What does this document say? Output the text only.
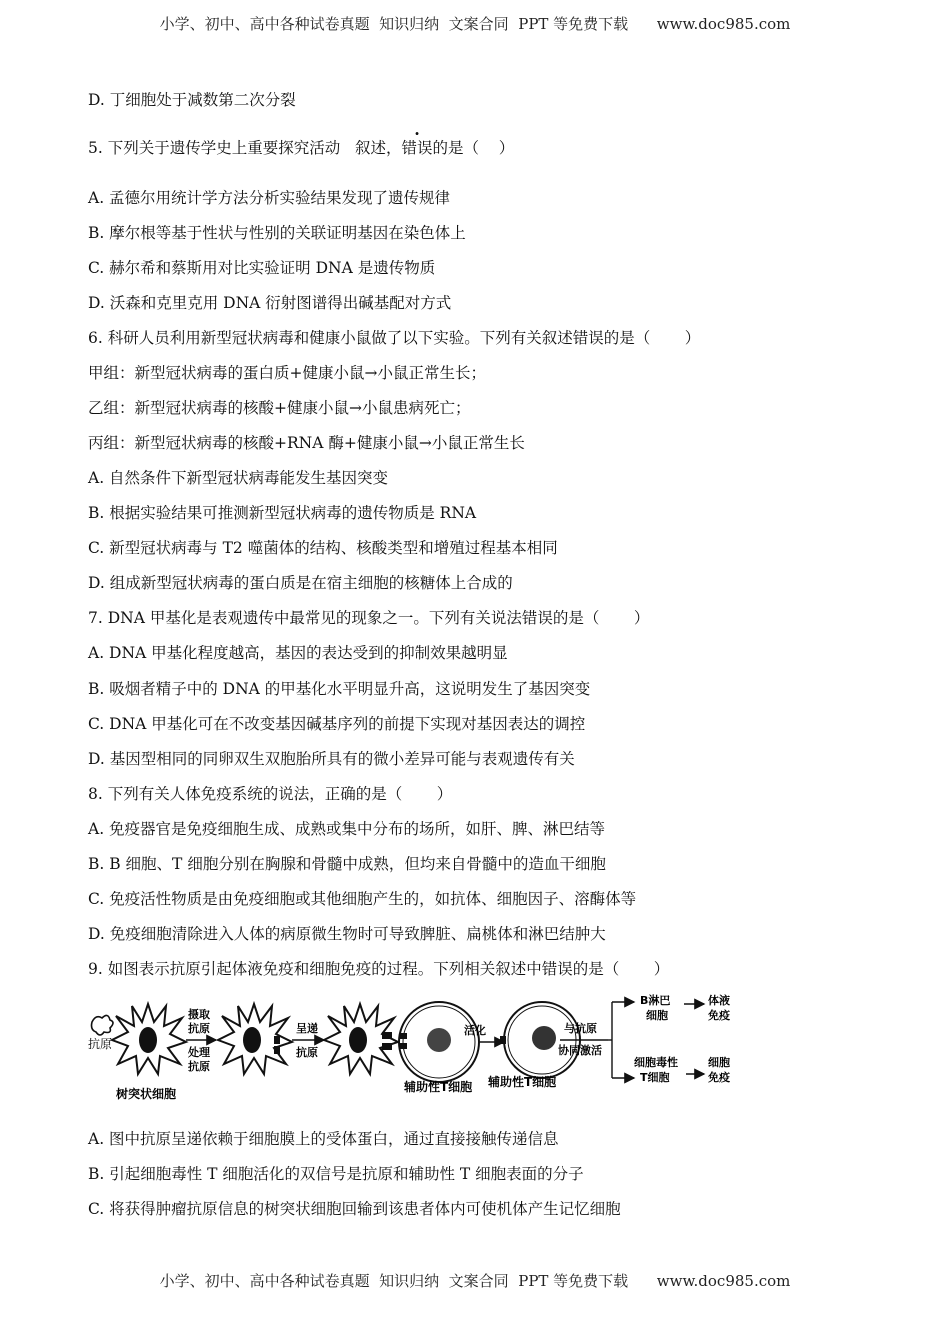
小学、初中、高中各种试卷真题  知识归纳  文案合同  PPT 等免费下载      www.doc985.com
D. 丁细胞处于减数第二次分裂
5. 下列关于遗传学史上重要探究活动   叙述，错误的是（    ）
A. 孟德尔用统计学方法分析实验结果发现了遗传规律
B. 摩尔根等基于性状与性别的关联证明基因在染色体上
C. 赫尔希和蔡斯用对比实验证明 DNA 是遗传物质
D. 沃森和克里克用 DNA 衍射图谱得出碱基配对方式
6. 科研人员利用新型冠状病毒和健康小鼠做了以下实验。下列有关叙述错误的是（       ）
甲组：新型冠状病毒的蛋白质+健康小鼠→小鼠正常生长；
乙组：新型冠状病毒的核酸+健康小鼠→小鼠患病死亡；
丙组：新型冠状病毒的核酸+RNA 酶+健康小鼠→小鼠正常生长
A. 自然条件下新型冠状病毒能发生基因突变
B. 根据实验结果可推测新型冠状病毒的遗传物质是 RNA
C. 新型冠状病毒与 T2 噬菌体的结构、核酸类型和增殖过程基本相同
D. 组成新型冠状病毒的蛋白质是在宿主细胞的核糖体上合成的
7. DNA 甲基化是表观遗传中最常见的现象之一。下列有关说法错误的是（       ）
A. DNA 甲基化程度越高，基因的表达受到的抑制效果越明显
B. 吸烟者精子中的 DNA 的甲基化水平明显升高，这说明发生了基因突变
C. DNA 甲基化可在不改变基因碱基序列的前提下实现对基因表达的调控
D. 基因型相同的同卵双生双胞胎所具有的微小差异可能与表观遗传有关
8. 下列有关人体免疫系统的说法，正确的是（       ）
A. 免疫器官是免疫细胞生成、成熟或集中分布的场所，如肝、脾、淋巴结等
B. B 细胞、T 细胞分别在胸腺和骨髓中成熟，但均来自骨髓中的造血干细胞
C. 免疫活性物质是由免疫细胞或其他细胞产生的，如抗体、细胞因子、溶酶体等
D. 免疫细胞清除进入人体的病原微生物时可导致脾脏、扁桃体和淋巴结肿大
9. 如图表示抗原引起体液免疫和细胞免疫的过程。下列相关叙述中错误的是（       ）
抗原
摄取
抗原
处理
抗原
呈递
抗原
树突状细胞	辅助性T细胞
活化
辅助性T细胞
与抗原
协同激活
B淋巴
细胞
体液
免疫
细胞毒性
T细胞
细胞
免疫
A. 图中抗原呈递依赖于细胞膜上的受体蛋白，通过直接接触传递信息
B. 引起细胞毒性 T 细胞活化的双信号是抗原和辅助性 T 细胞表面的分子
C. 将获得肿瘤抗原信息的树突状细胞回输到该患者体内可使机体产生记忆细胞
小学、初中、高中各种试卷真题  知识归纳  文案合同  PPT 等免费下载      www.doc985.com
